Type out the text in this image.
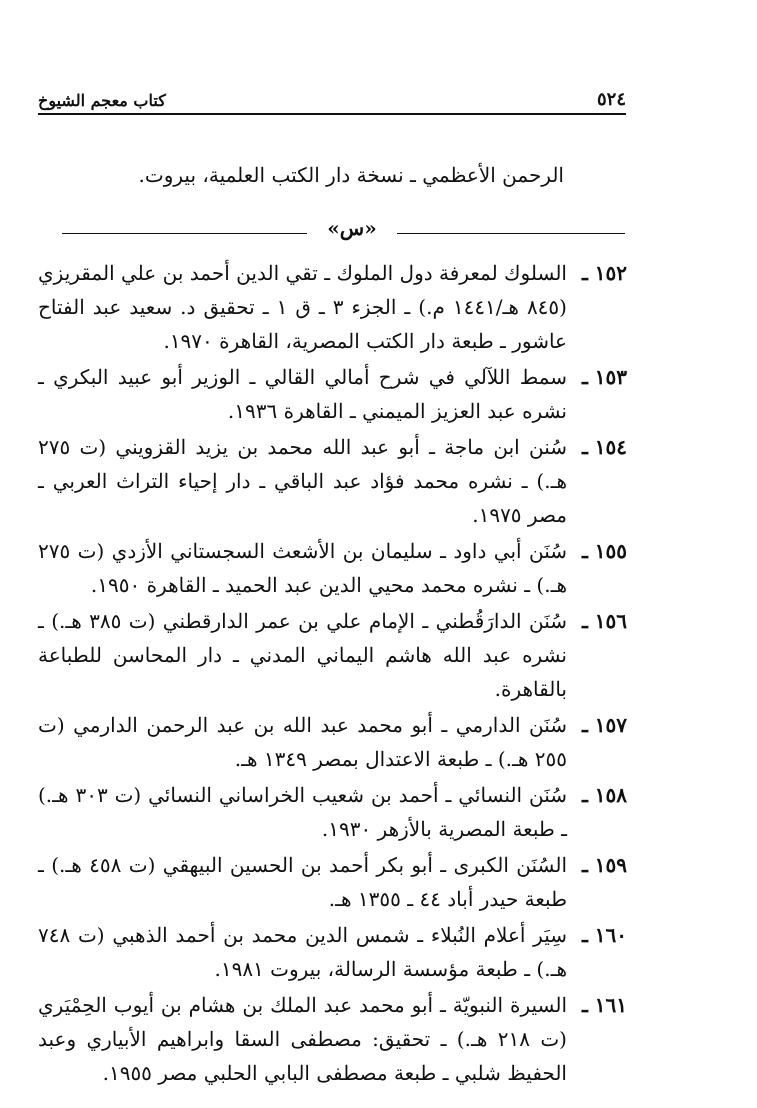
كتاب معجم الشيوخ	٥٢٤
الرحمن الأعظمي ـ نسخة دار الكتب العلمية، بيروت.
«س»
١٥٢ ـ
السلوك لمعرفة دول الملوك ـ تقي الدين أحمد بن علي المقريزي (٨٤٥ هـ/١٤٤١ م.) ـ الجزء ٣ ـ ق ١ ـ تحقيق د. سعيد عبد الفتاح عاشور ـ طبعة دار الكتب المصرية، القاهرة ١٩٧٠.
١٥٣ ـ
سمط اللآلي في شرح أمالي القالي ـ الوزير أبو عبيد البكري ـ نشره عبد العزيز الميمني ـ القاهرة ١٩٣٦.
١٥٤ ـ
سُنن ابن ماجة ـ أبو عبد الله محمد بن يزيد القزويني (ت ٢٧٥ هـ.) ـ نشره محمد فؤاد عبد الباقي ـ دار إحياء التراث العربي ـ مصر ١٩٧٥.
١٥٥ ـ
سُنَن أبي داود ـ سليمان بن الأشعث السجستاني الأزدي (ت ٢٧٥ هـ.) ـ نشره محمد محيي الدين عبد الحميد ـ القاهرة ١٩٥٠.
١٥٦ ـ
سُنَن الدارَقُطني ـ الإمام علي بن عمر الدارقطني (ت ٣٨٥ هـ.) ـ نشره عبد الله هاشم اليماني المدني ـ دار المحاسن للطباعة بالقاهرة.
١٥٧ ـ
سُنَن الدارمي ـ أبو محمد عبد الله بن عبد الرحمن الدارمي (ت ٢٥٥ هـ.) ـ طبعة الاعتدال بمصر ١٣٤٩ هـ.
١٥٨ ـ
سُنَن النسائي ـ أحمد بن شعيب الخراساني النسائي (ت ٣٠٣ هـ.) ـ طبعة المصرية بالأزهر ١٩٣٠.
١٥٩ ـ
السُنَن الكبرى ـ أبو بكر أحمد بن الحسين البيهقي (ت ٤٥٨ هـ.) ـ طبعة حيدر أباد ٤٤ ـ ١٣٥٥ هـ.
١٦٠ ـ
سِيَر أعلام النُبلاء ـ شمس الدين محمد بن أحمد الذهبي (ت ٧٤٨ هـ.) ـ طبعة مؤسسة الرسالة، بيروت ١٩٨١.
١٦١ ـ
السيرة النبويّة ـ أبو محمد عبد الملك بن هشام بن أيوب الحِمْيَري (ت ٢١٨ هـ.) ـ تحقيق: مصطفى السقا وابراهيم الأبياري وعبد الحفيظ شلبي ـ طبعة مصطفى البابي الحلبي مصر ١٩٥٥.
